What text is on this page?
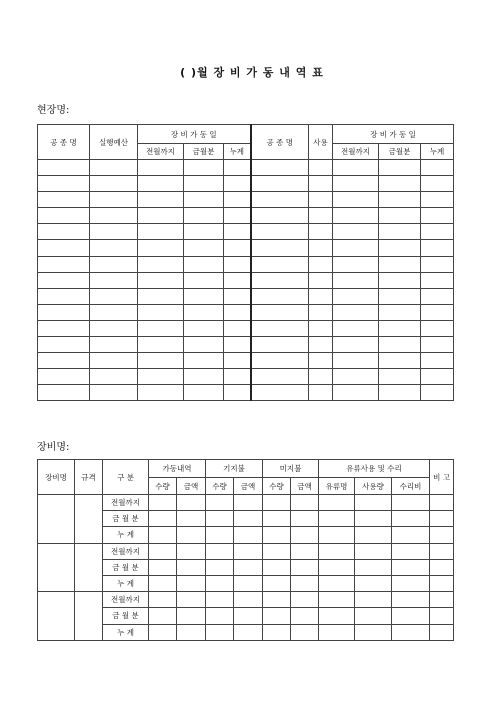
( )월 장 비 가 동 내 역 표
현장명:
공 종 명	실행예산	장 비 가 동 일			공 종 명	사용	장 비 가 동 일		
		전월까지	금월분	누계			전월까지	금월분	누계

장비명:
장비명	규격	구 분	가동내역		기지불		미지불		유류사용 및 수리			비 고
			수량	금액	수량	금액	수량	금액	유류명	사용량	수리비	
		전월까지										
		금 월 분										
		누 계										
		전월까지										
		금 월 분										
		누 계										
		전월까지										
		금 월 분										
		누 계										
